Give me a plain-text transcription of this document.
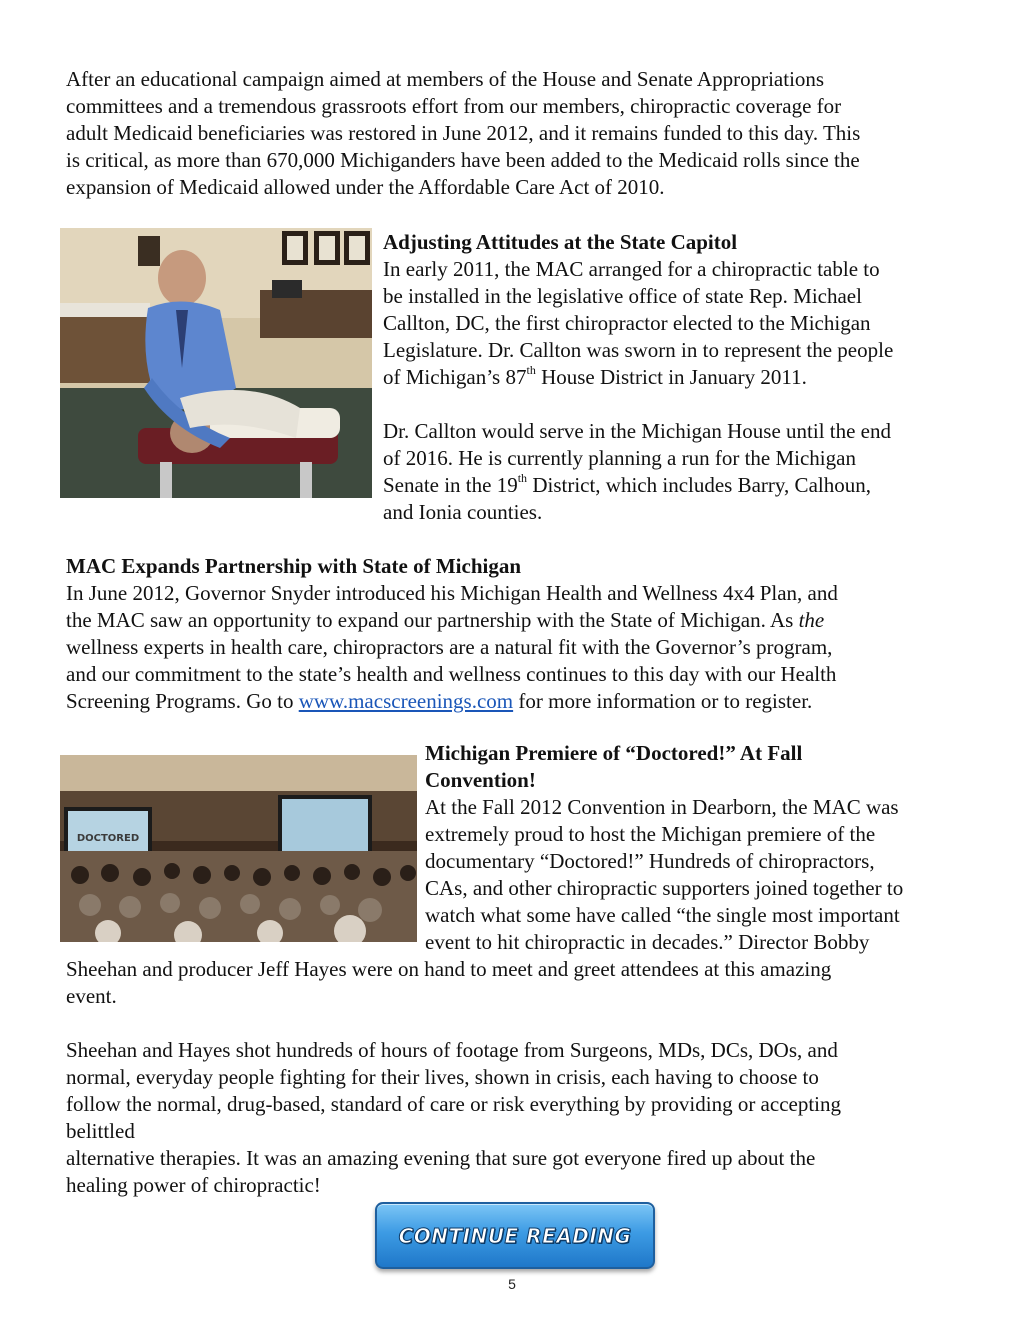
After an educational campaign aimed at members of the House and Senate Appropriations
committees and a tremendous grassroots effort from our members, chiropractic coverage for
adult Medicaid beneficiaries was restored in June 2012, and it remains funded to this day. This
is critical, as more than 670,000 Michiganders have been added to the Medicaid rolls since the
expansion of Medicaid allowed under the Affordable Care Act of 2010.
Adjusting Attitudes at the State Capitol
In early 2011, the MAC arranged for a chiropractic table to
be installed in the legislative office of state Rep. Michael
Callton, DC, the first chiropractor elected to the Michigan
Legislature. Dr. Callton was sworn in to represent the people
of Michigan’s 87th House District in January 2011.
Dr. Callton would serve in the Michigan House until the end
of 2016. He is currently planning a run for the Michigan
Senate in the 19th District, which includes Barry, Calhoun,
and Ionia counties.
MAC Expands Partnership with State of Michigan
In June 2012, Governor Snyder introduced his Michigan Health and Wellness 4x4 Plan, and
the MAC saw an opportunity to expand our partnership with the State of Michigan. As the
wellness experts in health care, chiropractors are a natural fit with the Governor’s program,
and our commitment to the state’s health and wellness continues to this day with our Health
Screening Programs. Go to www.macscreenings.com for more information or to register.
DOCTORED
Michigan Premiere of “Doctored!” At Fall
Convention!
At the Fall 2012 Convention in Dearborn, the MAC was
extremely proud to host the Michigan premiere of the
documentary “Doctored!” Hundreds of chiropractors,
CAs, and other chiropractic supporters joined together to
watch what some have called “the single most important
event to hit chiropractic in decades.” Director Bobby
Sheehan and producer Jeff Hayes were on hand to meet and greet attendees at this amazing
event.
Sheehan and Hayes shot hundreds of hours of footage from Surgeons, MDs, DCs, DOs, and
normal, everyday people fighting for their lives, shown in crisis, each having to choose to
follow the normal, drug-based, standard of care or risk everything by providing or accepting
belittled
alternative therapies. It was an amazing evening that sure got everyone fired up about the
healing power of chiropractic!
CONTINUE READING
5
